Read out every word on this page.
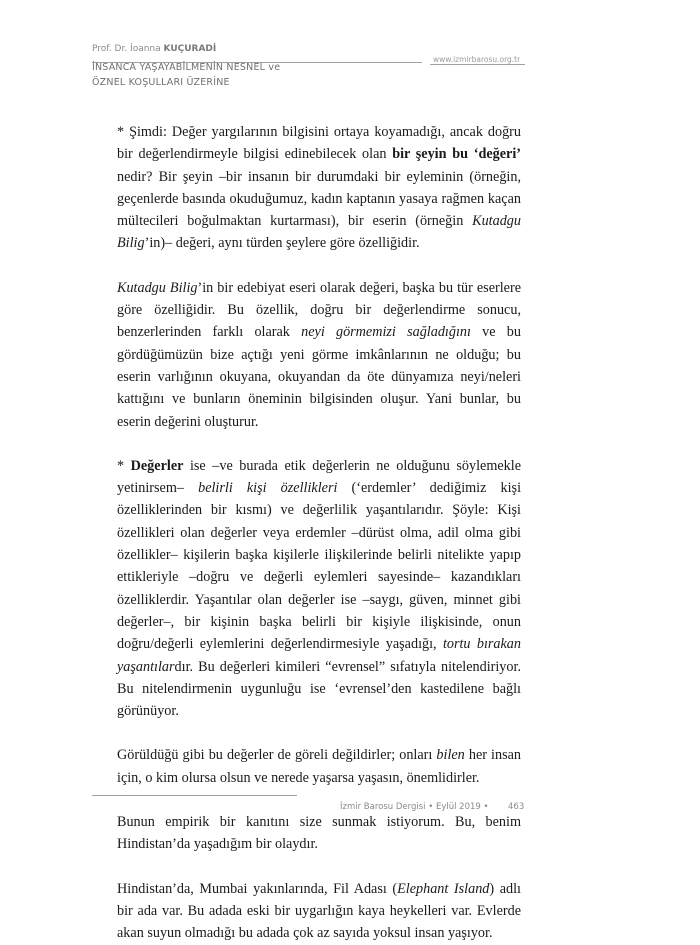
Prof. Dr. İoanna KUÇURADİ
www.izmirbarosu.org.tr
İNSANCA YAŞAYABİLMENİN NESNEL ve
ÖZNEL KOŞULLARI ÜZERİNE

* Şimdi: Değer yargılarının bilgisini ortaya koyamadığı, ancak doğru bir değerlendirmeyle bilgisi edinebilecek olan bir şeyin bu ‘değeri’ nedir? Bir şeyin –bir insanın bir durumdaki bir eyleminin (örneğin, geçenlerde basında okuduğumuz, kadın kaptanın yasaya rağmen kaçan mültecileri boğulmaktan kurtarması), bir eserin (örneğin Kutadgu Bilig’in)– değeri, aynı türden şeylere göre özelliğidir.

Kutadgu Bilig’in bir edebiyat eseri olarak değeri, başka bu tür eserlere göre özelliğidir. Bu özellik, doğru bir değerlendirme sonucu, benzerlerinden farklı olarak neyi görmemizi sağladığını ve bu gördüğümüzün bize açtığı yeni görme imkânlarının ne olduğu; bu eserin varlığının okuyana, okuyandan da öte dünyamıza neyi/neleri kattığını ve bunların öneminin bilgisinden oluşur. Yani bunlar, bu eserin değerini oluşturur.

* Değerler ise –ve burada etik değerlerin ne olduğunu söylemekle yetinirsem– belirli kişi özellikleri (‘erdemler’ dediğimiz kişi özelliklerinden bir kısmı) ve değerlilik yaşantılarıdır. Şöyle: Kişi özellikleri olan değerler veya erdemler –dürüst olma, adil olma gibi özellikler– kişilerin başka kişilerle ilişkilerinde belirli nitelikte yapıp ettikleriyle –doğru ve değerli eylemleri sayesinde– kazandıkları özelliklerdir. Yaşantılar olan değerler ise –saygı, güven, minnet gibi değerler–, bir kişinin başka belirli bir kişiyle ilişkisinde, onun doğru/değerli eylemlerini değerlendirmesiyle yaşadığı, tortu bırakan yaşantılardır. Bu değerleri kimileri “evrensel” sıfatıyla nitelendiriyor. Bu nitelendirmenin uygunluğu ise ‘evrensel’den kastedilene bağlı görünüyor.

Görüldüğü gibi bu değerler de göreli değildirler; onları bilen her insan için, o kim olursa olsun ve nerede yaşarsa yaşasın, önemlidirler.

Bunun empirik bir kanıtını size sunmak istiyorum. Bu, benim Hindistan’da yaşadığım bir olaydır.

Hindistan’da, Mumbai yakınlarında, Fil Adası (Elephant Island) adlı bir ada var. Bu adada eski bir uygarlığın kaya heykelleri var. Evlerde akan suyun olmadığı bu adada çok az sayıda yoksul insan yaşıyor.

İzmir Barosu Dergisi • Eylül 2019 • 463
